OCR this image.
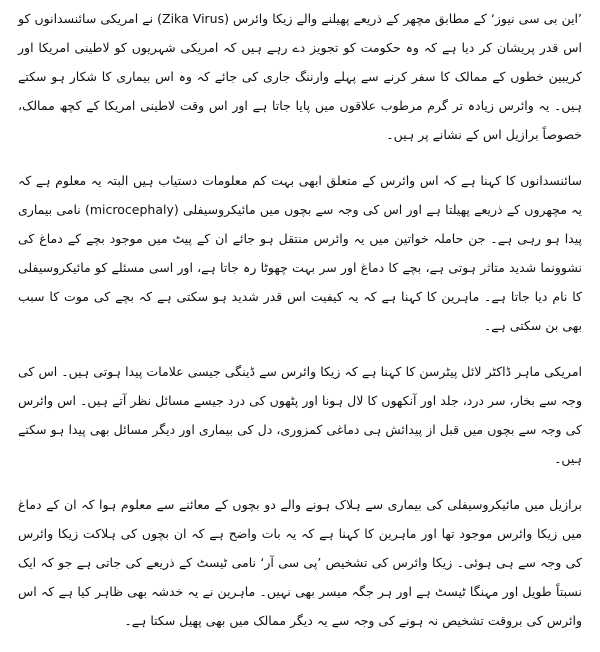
’این بی سی نیوز‘ کے مطابق مچھر کے ذریعے پھیلنے والے زیکا وائرس (Zika Virus) نے امریکی سائنسدانوں کو اس قدر پریشان کر دیا ہے کہ وہ حکومت کو تجویز دے رہے ہیں کہ امریکی شہریوں کو لاطینی امریکا اور کریبین خطوں کے ممالک کا سفر کرنے سے پہلے وارننگ جاری کی جائے کہ وہ اس بیماری کا شکار ہو سکتے ہیں۔ یہ وائرس زیادہ تر گرم مرطوب علاقوں میں پایا جاتا ہے اور اس وقت لاطینی امریکا کے کچھ ممالک، خصوصاً برازیل اس کے نشانے پر ہیں۔

سائنسدانوں کا کہنا ہے کہ اس وائرس کے متعلق ابھی بہت کم معلومات دستیاب ہیں البتہ یہ معلوم ہے کہ یہ مچھروں کے ذریعے پھیلتا ہے اور اس کی وجہ سے بچوں میں مائیکروسیفلی (microcephaly) نامی بیماری پیدا ہو رہی ہے۔ جن حاملہ خواتین میں یہ وائرس منتقل ہو جائے ان کے پیٹ میں موجود بچے کے دماغ کی نشوونما شدید متاثر ہوتی ہے، بچے کا دماغ اور سر بہت چھوٹا رہ جاتا ہے، اور اسی مسئلے کو مائیکروسیفلی کا نام دیا جاتا ہے۔ ماہرین کا کہنا ہے کہ یہ کیفیت اس قدر شدید ہو سکتی ہے کہ بچے کی موت کا سبب بھی بن سکتی ہے۔

امریکی ماہر ڈاکٹر لائل پیٹرسن کا کہنا ہے کہ زیکا وائرس سے ڈینگی جیسی علامات پیدا ہوتی ہیں۔ اس کی وجہ سے بخار، سر درد، جلد اور آنکھوں کا لال ہونا اور پٹھوں کی درد جیسے مسائل نظر آتے ہیں۔ اس وائرس کی وجہ سے بچوں میں قبل از پیدائش ہی دماغی کمزوری، دل کی بیماری اور دیگر مسائل بھی پیدا ہو سکتے ہیں۔

برازیل میں مائیکروسیفلی کی بیماری سے ہلاک ہونے والے دو بچوں کے معائنے سے معلوم ہوا کہ ان کے دماغ میں زیکا وائرس موجود تھا اور ماہرین کا کہنا ہے کہ یہ بات واضح ہے کہ ان بچوں کی ہلاکت زیکا وائرس کی وجہ سے ہی ہوئی۔ زیکا وائرس کی تشخیص ’پی سی آر‘ نامی ٹیسٹ کے ذریعے کی جاتی ہے جو کہ ایک نسبتاً طویل اور مہنگا ٹیسٹ ہے اور ہر جگہ میسر بھی نہیں۔ ماہرین نے یہ خدشہ بھی ظاہر کیا ہے کہ اس وائرس کی بروقت تشخیص نہ ہونے کی وجہ سے یہ دیگر ممالک میں بھی پھیل سکتا ہے۔
